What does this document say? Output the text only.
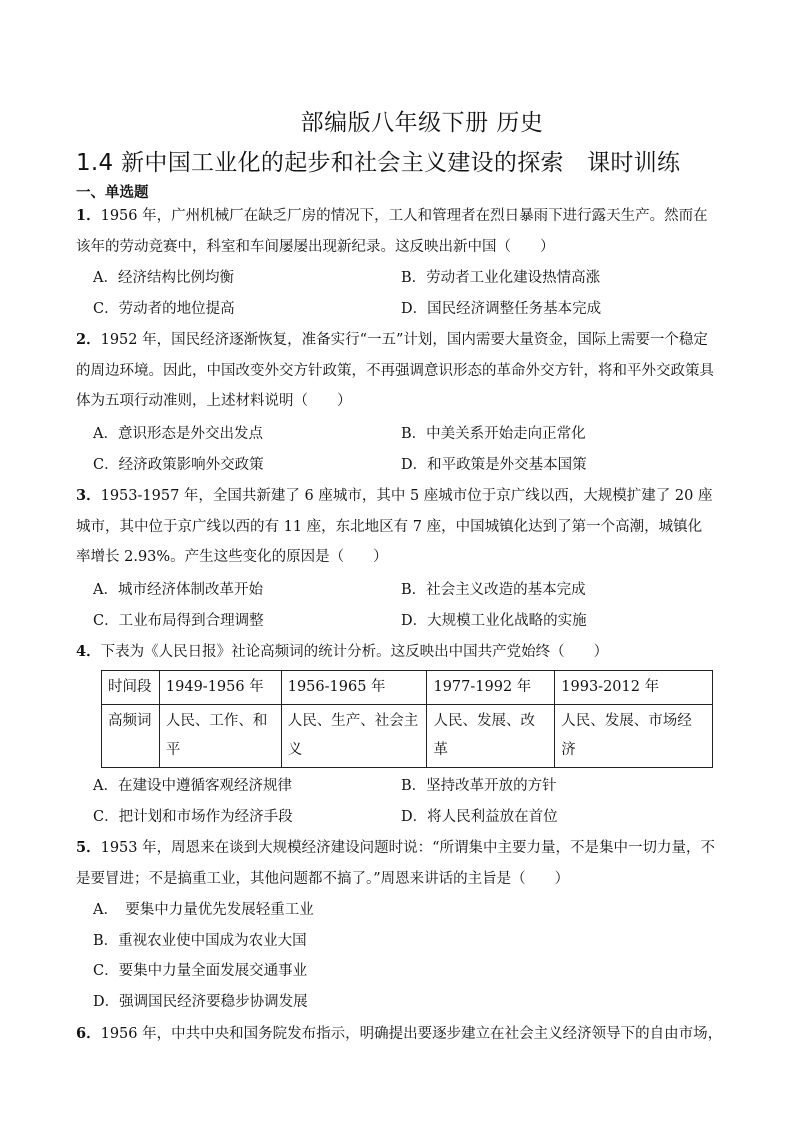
部编版八年级下册 历史
1.4 新中国工业化的起步和社会主义建设的探索　课时训练
一、单选题
1．1956 年，广州机械厂在缺乏厂房的情况下，工人和管理者在烈日暴雨下进行露天生产。然而在该年的劳动竞赛中，科室和车间屡屡出现新纪录。这反映出新中国（　　）
A．经济结构比例均衡	B．劳动者工业化建设热情高涨
C．劳动者的地位提高	D．国民经济调整任务基本完成
2．1952 年，国民经济逐渐恢复，准备实行“一五”计划，国内需要大量资金，国际上需要一个稳定的周边环境。因此，中国改变外交方针政策，不再强调意识形态的革命外交方针，将和平外交政策具体为五项行动准则，上述材料说明（　　）
A．意识形态是外交出发点	B．中美关系开始走向正常化
C．经济政策影响外交政策	D．和平政策是外交基本国策
3．1953-1957 年，全国共新建了 6 座城市，其中 5 座城市位于京广线以西，大规模扩建了 20 座城市，其中位于京广线以西的有 11 座，东北地区有 7 座，中国城镇化达到了第一个高潮，城镇化率增长 2.93%。产生这些变化的原因是（　　）
A．城市经济体制改革开始	B．社会主义改造的基本完成
C．工业布局得到合理调整	D．大规模工业化战略的实施
4．下表为《人民日报》社论高频词的统计分析。这反映出中国共产党始终（　　）
时间段	1949-1956 年	1956-1965 年	1977-1992 年	1993-2012 年
高频词	人民、工作、和平	人民、生产、社会主义	人民、发展、改革	人民、发展、市场经济
A．在建设中遵循客观经济规律	B．坚持改革开放的方针
C．把计划和市场作为经济手段	D．将人民利益放在首位
5．1953 年，周恩来在谈到大规模经济建设问题时说：“所谓集中主要力量，不是集中一切力量，不是要冒进；不是搞重工业，其他问题都不搞了。”周恩来讲话的主旨是（　　）
A．　要集中力量优先发展轻重工业
B．重视农业使中国成为农业大国
C．要集中力量全面发展交通事业
D．强调国民经济要稳步协调发展
6．1956 年，中共中央和国务院发布指示，明确提出要逐步建立在社会主义经济领导下的自由市场，
